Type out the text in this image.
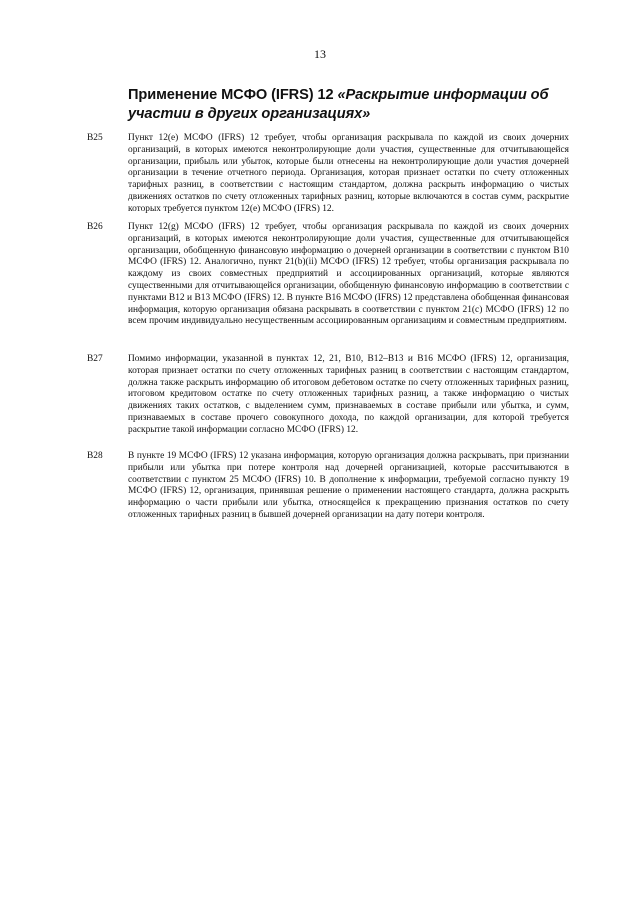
13
Применение МСФО (IFRS) 12 «Раскрытие информации об участии в других организациях»
B25	Пункт 12(е) МСФО (IFRS) 12 требует, чтобы организация раскрывала по каждой из своих дочерних организаций, в которых имеются неконтролирующие доли участия, существенные для отчитывающейся организации, прибыль или убыток, которые были отнесены на неконтролирующие доли участия дочерней организации в течение отчетного периода. Организация, которая признает остатки по счету отложенных тарифных разниц, в соответствии с настоящим стандартом, должна раскрыть информацию о чистых движениях остатков по счету отложенных тарифных разниц, которые включаются в состав сумм, раскрытие которых требуется пунктом 12(е) МСФО (IFRS) 12.
B26	Пункт 12(g) МСФО (IFRS) 12 требует, чтобы организация раскрывала по каждой из своих дочерних организаций, в которых имеются неконтролирующие доли участия, существенные для отчитывающейся организации, обобщенную финансовую информацию о дочерней организации в соответствии с пунктом B10 МСФО (IFRS) 12. Аналогично, пункт 21(b)(ii) МСФО (IFRS) 12 требует, чтобы организация раскрывала по каждому из своих совместных предприятий и ассоциированных организаций, которые являются существенными для отчитывающейся организации, обобщенную финансовую информацию в соответствии с пунктами B12 и B13 МСФО (IFRS) 12. В пункте B16 МСФО (IFRS) 12 представлена обобщенная финансовая информация, которую организация обязана раскрывать в соответствии с пунктом 21(с) МСФО (IFRS) 12 по всем прочим индивидуально несущественным ассоциированным организациям и совместным предприятиям.
B27	Помимо информации, указанной в пунктах 12, 21, B10, B12–B13 и B16 МСФО (IFRS) 12, организация, которая признает остатки по счету отложенных тарифных разниц в соответствии с настоящим стандартом, должна также раскрыть информацию об итоговом дебетовом остатке по счету отложенных тарифных разниц, итоговом кредитовом остатке по счету отложенных тарифных разниц, а также информацию о чистых движениях таких остатков, с выделением сумм, признаваемых в составе прибыли или убытка, и сумм, признаваемых в составе прочего совокупного дохода, по каждой организации, для которой требуется раскрытие такой информации согласно МСФО (IFRS) 12.
B28	В пункте 19 МСФО (IFRS) 12 указана информация, которую организация должна раскрывать, при признании прибыли или убытка при потере контроля над дочерней организацией, которые рассчитываются в соответствии с пунктом 25 МСФО (IFRS) 10. В дополнение к информации, требуемой согласно пункту 19 МСФО (IFRS) 12, организация, принявшая решение о применении настоящего стандарта, должна раскрыть информацию о части прибыли или убытка, относящейся к прекращению признания остатков по счету отложенных тарифных разниц в бывшей дочерней организации на дату потери контроля.
